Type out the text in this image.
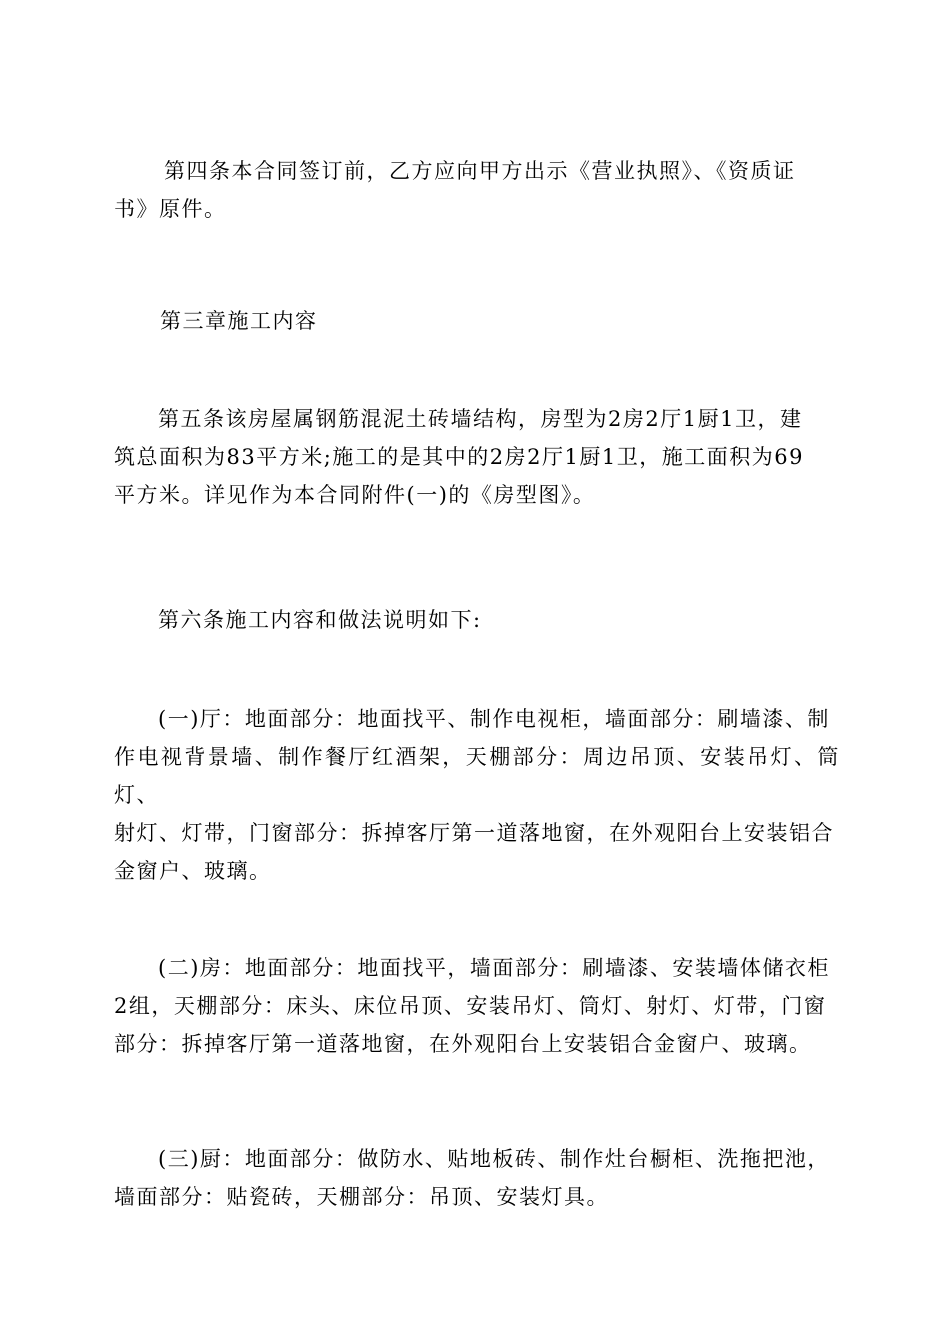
第四条本合同签订前，乙方应向甲方出示《营业执照》、《资质证
书》原件。

第三章施工内容

第五条该房屋属钢筋混泥土砖墙结构，房型为2房2厅1厨1卫，建
筑总面积为83平方米;施工的是其中的2房2厅1厨1卫，施工面积为69
平方米。详见作为本合同附件(一)的《房型图》。

第六条施工内容和做法说明如下:

(一)厅：地面部分：地面找平、制作电视柜，墙面部分：刷墙漆、制
作电视背景墙、制作餐厅红酒架，天棚部分：周边吊顶、安装吊灯、筒灯、
射灯、灯带，门窗部分：拆掉客厅第一道落地窗，在外观阳台上安装铝合
金窗户、玻璃。

(二)房：地面部分：地面找平，墙面部分：刷墙漆、安装墙体储衣柜
2组，天棚部分：床头、床位吊顶、安装吊灯、筒灯、射灯、灯带，门窗
部分：拆掉客厅第一道落地窗，在外观阳台上安装铝合金窗户、玻璃。

(三)厨：地面部分：做防水、贴地板砖、制作灶台橱柜、洗拖把池，
墙面部分：贴瓷砖，天棚部分：吊顶、安装灯具。
